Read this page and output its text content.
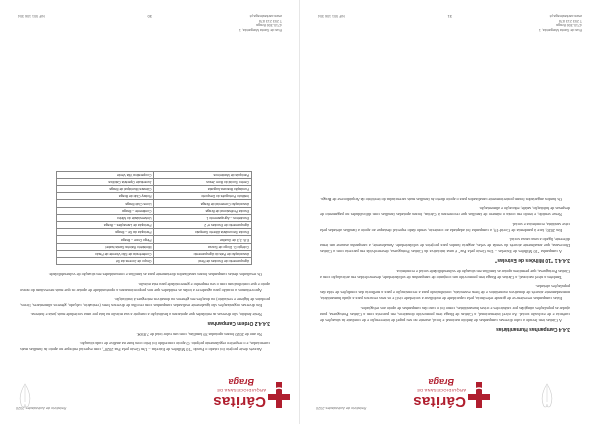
Relatório de Actividades 2020	Cáritas
ARQUIDIOCESANA DE
Braga

Através deste projeto foi criado o Fundo "10 Milhões de Estrelas – Um Gesto pela Paz 2020", com especial enfoque no apoio às famílias mais carenciadas, e o respetivo regulamento próprio. O apoio concedido foi feito com base na análise de cada situação.

No ano de 2020 foram apoiadas 39 famílias, com um valor total de 7.850€.

3.4.4.2 Ordem Campanhas

Neste âmbito, são diversas as entidades que apoiaram a Instituição a cumprir a sua missão na luta por uma sociedade mais justa e fraterna.

Em diversas organizações são igualmente realizadas campanhas com recolha de diversos bens (vestuário, calçado, géneros alimentares, livros, produtos de higiene e vestuário) ou doações em géneros ou donativos entregues à instituição.

Aproveitamos a ocasião para agradecer a todas as entidades que nos proporcionaram a oportunidade de apoiar os que mais necessitam do nosso apoio e que contribuíram com o seu empenho e generosidade para esta missão.

Os resultados destas campanhas foram canalizados diretamente para as famílias e comunidades em situação de vulnerabilidade.

Agrupamento de Escolas de Real	Grupo de Jovens da Sé
Associação de Pais do Agrupamento	Conferência de São Vicente de Paulo
Colégio D. Diogo de Sousa	Ministério Rainha Santa Isabel
E.B. 2,3 de Gualtar	Pingo Doce – Braga
Escola Secundária Alberto Sampaio	Paróquia da Sé – Braga
Agrupamento de Escolas nº 2	Paróquia de Lamaçães – Braga
Escuteiros – Agrupamento 1	Universidade do Minho
Escola Profissional de Braga	Continente – Braga
Associação Comercial de Braga	Lions Club Braga
Instituto Português do Desporto	Rotary Club de Braga
Fundação Bracara Augusta	Câmara Municipal de Braga
Centro Social do Bom Jesus	Juventude Operária Católica
Paróquia de Maximinos	Cooperativa Vila Verde
30
Rua de Santa Margarida, 1
4710-306 Braga
T 253 213 878
www.caritasbraga.pt
NIF 501 106 304
Relatório de Actividades 2020	Cáritas
ARQUIDIOCESANA DE
Braga
3.4.4 Campanhas Humanitárias

A Cáritas tem levado a cabo diversas campanhas de âmbito nacional e local, assente no seu papel de intervenção e de combate às situações de carência e de exclusão social. Ao nível internacional, a Cáritas de Braga tem promovido donativos, em parceria com a Cáritas Portuguesa, para ajudar as populações atingidas por catástrofes e crises humanitárias, como foi o caso das campanhas de apoio aos refugiados.

Estas campanhas revestem-se de grande relevância, pela capacidade de mobilizar a sociedade civil e os seus recursos para a ajuda humanitária, nomeadamente através de donativos monetários e de bens essenciais, contribuindo para a reconstrução e para a melhoria das condições de vida das populações afetadas.

Também a nível nacional, a Cáritas de Braga tem promovido um conjunto de campanhas de solidariedade, desenvolvidas em articulação com a Cáritas Portuguesa, que permitem apoiar as famílias em situação de vulnerabilidade social e económica.

3.4.4.1 "10 Milhões de Estrelas"

A campanha "10 Milhões de Estrelas – Um Gesto pela Paz" é uma iniciativa da Cáritas Portuguesa, desenvolvida em parceria com a Cáritas Diocesana, que anualmente através da venda de velas, angaria fundos para projetos de solidariedade. Anualmente, a campanha assume um tema diferente, ligado a uma causa social.

Em 2020, face à pandemia de Covid-19, a campanha foi adaptada ao contexto, sendo dado especial destaque ao apoio a famílias afetadas pela crise sanitária, económica e social.

Nesse sentido, e tendo em conta o número de famílias que recorreram à Cáritas, foram apoiadas famílias com dificuldades no pagamento de despesas de habitação, saúde, educação e alimentação.

Os fundos angariados foram posteriormente canalizados para o apoio direto às famílias mais carenciadas do território da Arquidiocese de Braga.

31
Rua de Santa Margarida, 1
4710-306 Braga
T 253 213 878
www.caritasbraga.pt
NIF 501 106 304
